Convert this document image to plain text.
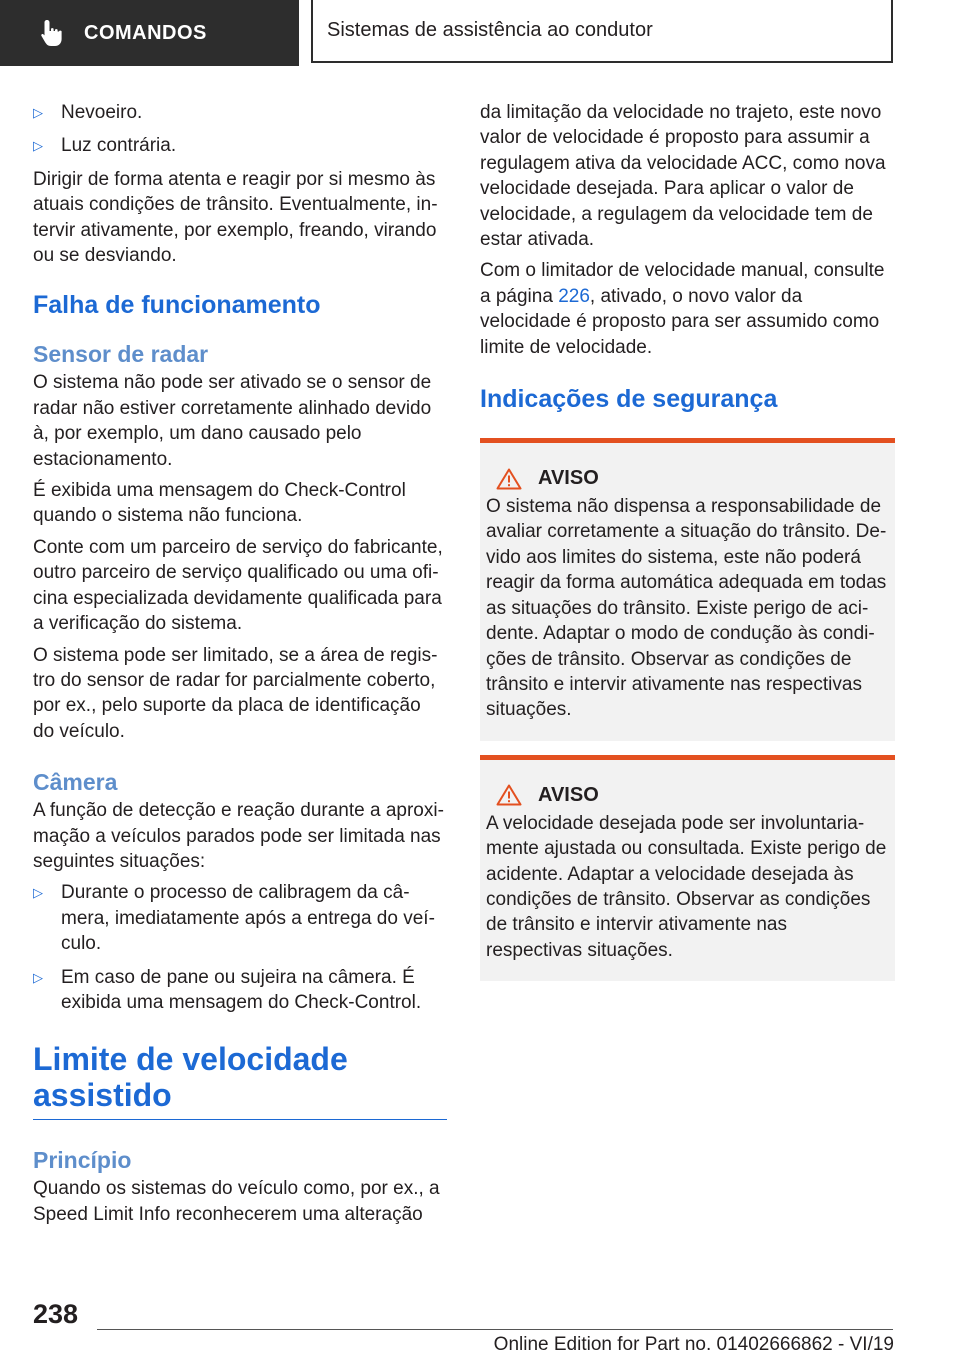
COMANDOS	Sistemas de assistência ao condutor
▷ Nevoeiro.
▷ Luz contrária.

Dirigir de forma atenta e reagir por si mesmo às atuais condições de trânsito. Eventualmente, intervir ativamente, por exemplo, freando, virando ou se desviando.

Falha de funcionamento
Sensor de radar

O sistema não pode ser ativado se o sensor de radar não estiver corretamente alinhado devido à, por exemplo, um dano causado pelo estacionamento.

É exibida uma mensagem do Check-Control quando o sistema não funciona.

Conte com um parceiro de serviço do fabricante, outro parceiro de serviço qualificado ou uma oficina especializada devidamente qualificada para a verificação do sistema.

O sistema pode ser limitado, se a área de registro do sensor de radar for parcialmente coberto, por ex., pelo suporte da placa de identificação do veículo.

Câmera

A função de detecção e reação durante a aproximação a veículos parados pode ser limitada nas seguintes situações:

▷ Durante o processo de calibragem da câmera, imediatamente após a entrega do veículo.
▷ Em caso de pane ou sujeira na câmera. É exibida uma mensagem do Check-Control.
Limite de velocidade assistido
Princípio

Quando os sistemas do veículo como, por ex., a Speed Limit Info reconhecerem uma alteração

da limitação da velocidade no trajeto, este novo valor de velocidade é proposto para assumir a regulagem ativa da velocidade ACC, como nova velocidade desejada. Para aplicar o valor de velocidade, a regulagem da velocidade tem de estar ativada.

Com o limitador de velocidade manual, consulte a página 226, ativado, o novo valor da velocidade é proposto para ser assumido como limite de velocidade.

Indicações de segurança
AVISO

O sistema não dispensa a responsabilidade de avaliar corretamente a situação do trânsito. Devido aos limites do sistema, este não poderá reagir da forma automática adequada em todas as situações do trânsito. Existe perigo de acidente. Adaptar o modo de condução às condições de trânsito. Observar as condições de trânsito e intervir ativamente nas respectivas situações.

AVISO

A velocidade desejada pode ser involuntariamente ajustada ou consultada. Existe perigo de acidente. Adaptar a velocidade desejada às condições de trânsito. Observar as condições de trânsito e intervir ativamente nas respectivas situações.

238
Online Edition for Part no. 01402666862 - VI/19
